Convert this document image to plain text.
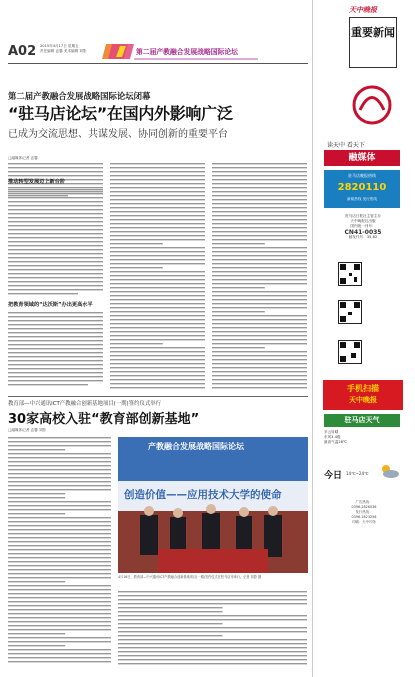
A02 2015年4月17日 星期五
责任编辑 孟馨 美术编辑 刘影	第二届产教融合发展战略国际论坛
第二届产教融合发展战略国际论坛闭幕
“驻马店论坛”在国内外影响广泛
已成为交流思想、共谋发展、协同创新的重要平台
□融媒体记者 孟馨
推动转型发展迈上新台阶
把教育领域的“达沃斯”办出更高水平
教育部—中兴通讯ICT产教融合创新基地项目(一期)签约仪式举行
30家高校入驻“教育部创新基地”
□融媒体记者 孟馨 刘影
产教融合发展战略国际论坛
创造价值——应用技术大学的使命
4月16日，教育部—中兴通讯ICT产教融合创新基地项目(一期)签约仪式在驻马店市举行。记者 刘影 摄
天中晚报
重要新闻
读天中 看天下
融媒体
驻马店晚报热线
2820110
新闻热线 发行热线
驻马店日报社主管主办
天中晚报社出版
国内统一刊号：
CN41-0035
邮发代号：35-82
手机扫描
天中晚报
驻马店天气
多云转晴
东风3-4级
最高气温28℃
今日 14℃~24℃
广告热线：
0396-2826036
发行热线：
0396-2823256
印刷：天中印务
